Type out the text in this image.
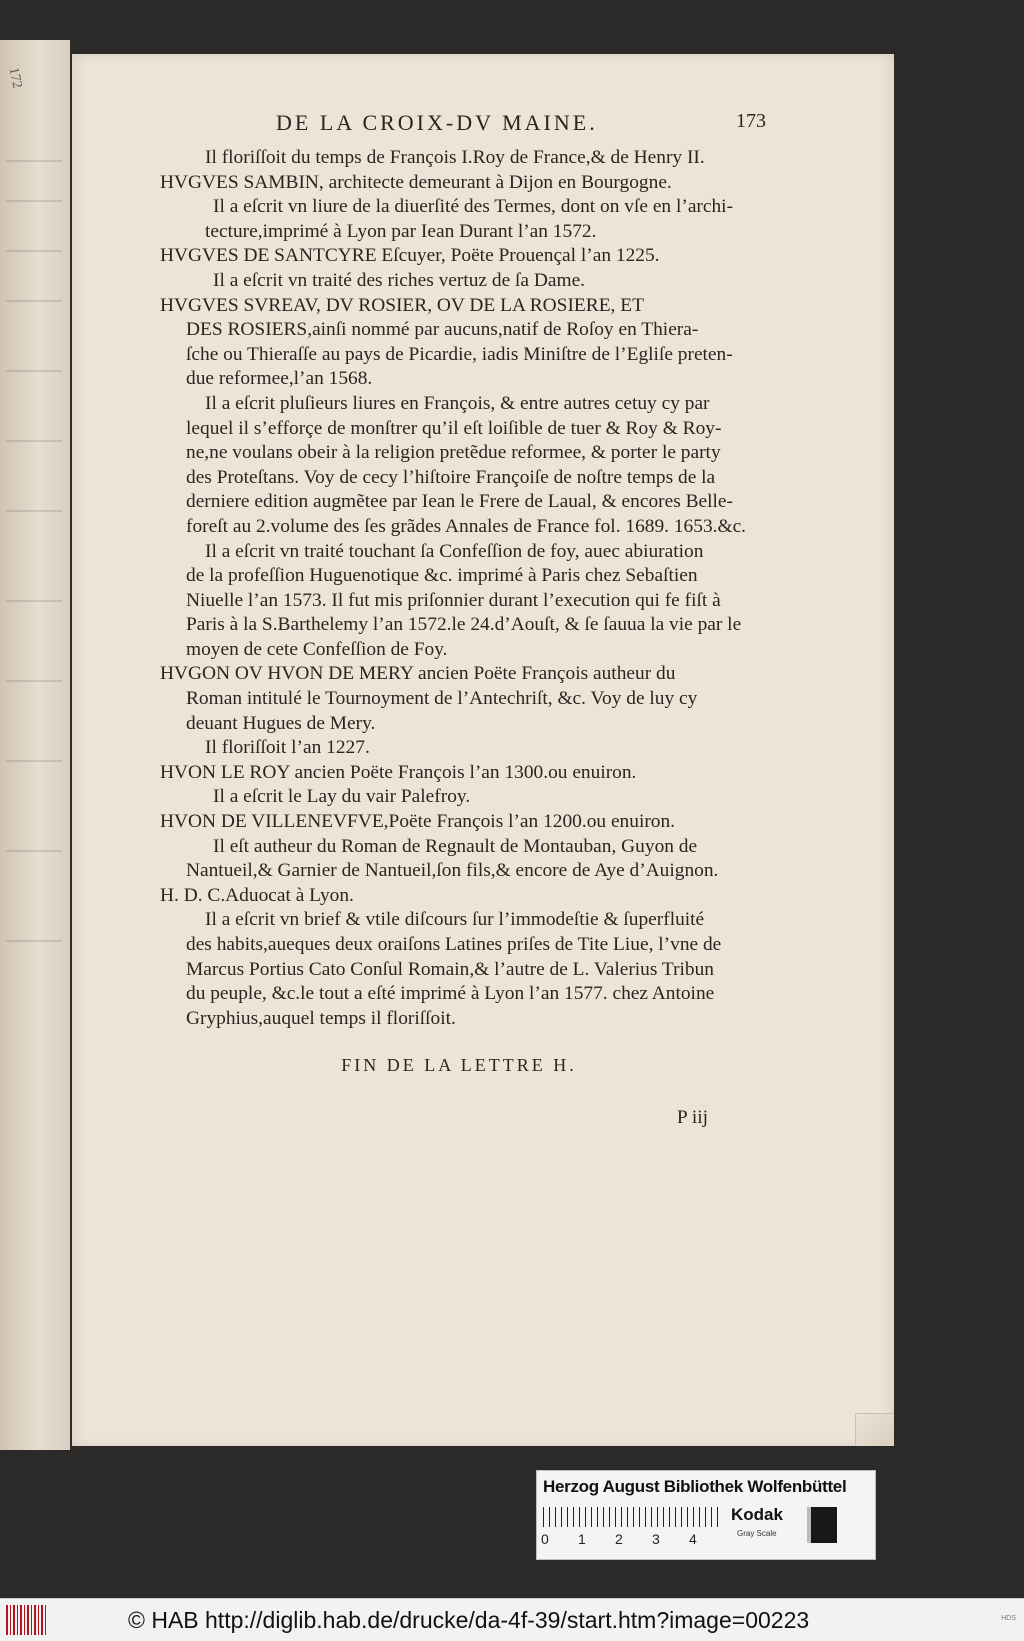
172
DE LA CROIX-DV MAINE.	173
Il floriſſoit du temps de François I.Roy de France,& de Henry II.
HVGVES SAMBIN, architecte demeurant à Dijon en Bourgogne.
Il a eſcrit vn liure de la diuerſité des Termes, dont on vſe en l’archi-
tecture,imprimé à Lyon par Iean Durant l’an 1572.
HVGVES DE SANTCYRE Eſcuyer, Poëte Prouençal l’an 1225.
Il a eſcrit vn traité des riches vertuz de ſa Dame.
HVGVES SVREAV, DV ROSIER, OV DE LA ROSIERE, ET
DES ROSIERS,ainſi nommé par aucuns,natif de Roſoy en Thiera-
ſche ou Thieraſſe au pays de Picardie, iadis Miniſtre de l’Egliſe preten-
due reformee,l’an 1568.
Il a eſcrit pluſieurs liures en François, & entre autres cetuy cy par
lequel il s’efforçe de monſtrer qu’il eſt loiſible de tuer & Roy & Roy-
ne,ne voulans obeir à la religion pretẽdue reformee, & porter le party
des Proteſtans. Voy de cecy l’hiſtoire Françoiſe de noſtre temps de la
derniere edition augmẽtee par Iean le Frere de Laual, & encores Belle-
foreſt au 2.volume des ſes grãdes Annales de France fol. 1689. 1653.&c.
Il a eſcrit vn traité touchant ſa Confeſſion de foy, auec abiuration
de la profeſſion Huguenotique &c. imprimé à Paris chez Sebaſtien
Niuelle l’an 1573. Il fut mis priſonnier durant l’execution qui fe fiſt à
Paris à la S.Barthelemy l’an 1572.le 24.d’Aouſt, & ſe ſauua la vie par le
moyen de cete Confeſſion de Foy.
HVGON OV HVON DE MERY ancien Poëte François autheur du
Roman intitulé le Tournoyment de l’Antechriſt, &c. Voy de luy cy
deuant Hugues de Mery.
Il floriſſoit l’an 1227.
HVON LE ROY ancien Poëte François l’an 1300.ou enuiron.
Il a eſcrit le Lay du vair Palefroy.
HVON DE VILLENEVFVE,Poëte François l’an 1200.ou enuiron.
Il eſt autheur du Roman de Regnault de Montauban, Guyon de
Nantueil,& Garnier de Nantueil,ſon fils,& encore de Aye d’Auignon.
H. D. C.Aduocat à Lyon.
Il a eſcrit vn brief & vtile diſcours ſur l’immodeſtie & ſuperfluité
des habits,aueques deux oraiſons Latines priſes de Tite Liue, l’vne de
Marcus Portius Cato Conſul Romain,& l’autre de L. Valerius Tribun
du peuple, &c.le tout a eſté imprimé à Lyon l’an 1577. chez Antoine
Gryphius,auquel temps il floriſſoit.
FIN DE LA LETTRE H.
P iij
Herzog August Bibliothek Wolfenbüttel
0 1 2 3 4
Kodak
Gray Scale
© HAB http://diglib.hab.de/drucke/da-4f-39/start.htm?image=00223	HDS
